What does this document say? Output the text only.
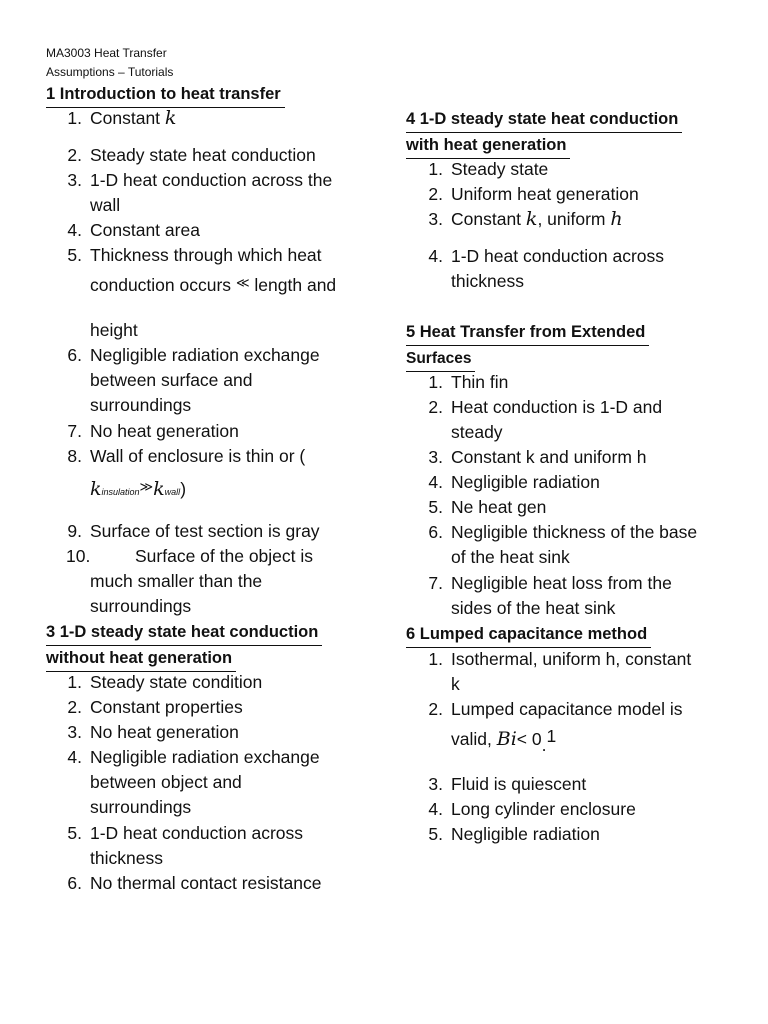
MA3003 Heat Transfer
Assumptions – Tutorials
1 Introduction to heat transfer
1. Constant k
2. Steady state heat conduction
3. 1-D heat conduction across the
wall
4. Constant area
5. Thickness through which heat
conduction occurs ≪ length and
height
6. Negligible radiation exchange
between surface and
surroundings
7. No heat generation
8. Wall of enclosure is thin or (
kinsulation≫kwall)
9. Surface of test section is gray
10.	Surface of the object is
much smaller than the
surroundings
3 1-D steady state heat conduction
without heat generation
1. Steady state condition
2. Constant properties
3. No heat generation
4. Negligible radiation exchange
between object and
surroundings
5. 1-D heat conduction across
thickness
6. No thermal contact resistance
4 1-D steady state heat conduction
with heat generation
1. Steady state
2. Uniform heat generation
3. Constant k, uniform h
4. 1-D heat conduction across
thickness
5 Heat Transfer from Extended
Surfaces
1. Thin fin
2. Heat conduction is 1-D and
steady
3. Constant k and uniform h
4. Negligible radiation
5. Ne heat gen
6. Negligible thickness of the base
of the heat sink
7. Negligible heat loss from the
sides of the heat sink
6 Lumped capacitance method
1. Isothermal, uniform h, constant
k
2. Lumped capacitance model is
valid, Bi< 0.1
3. Fluid is quiescent
4. Long cylinder enclosure
5. Negligible radiation
